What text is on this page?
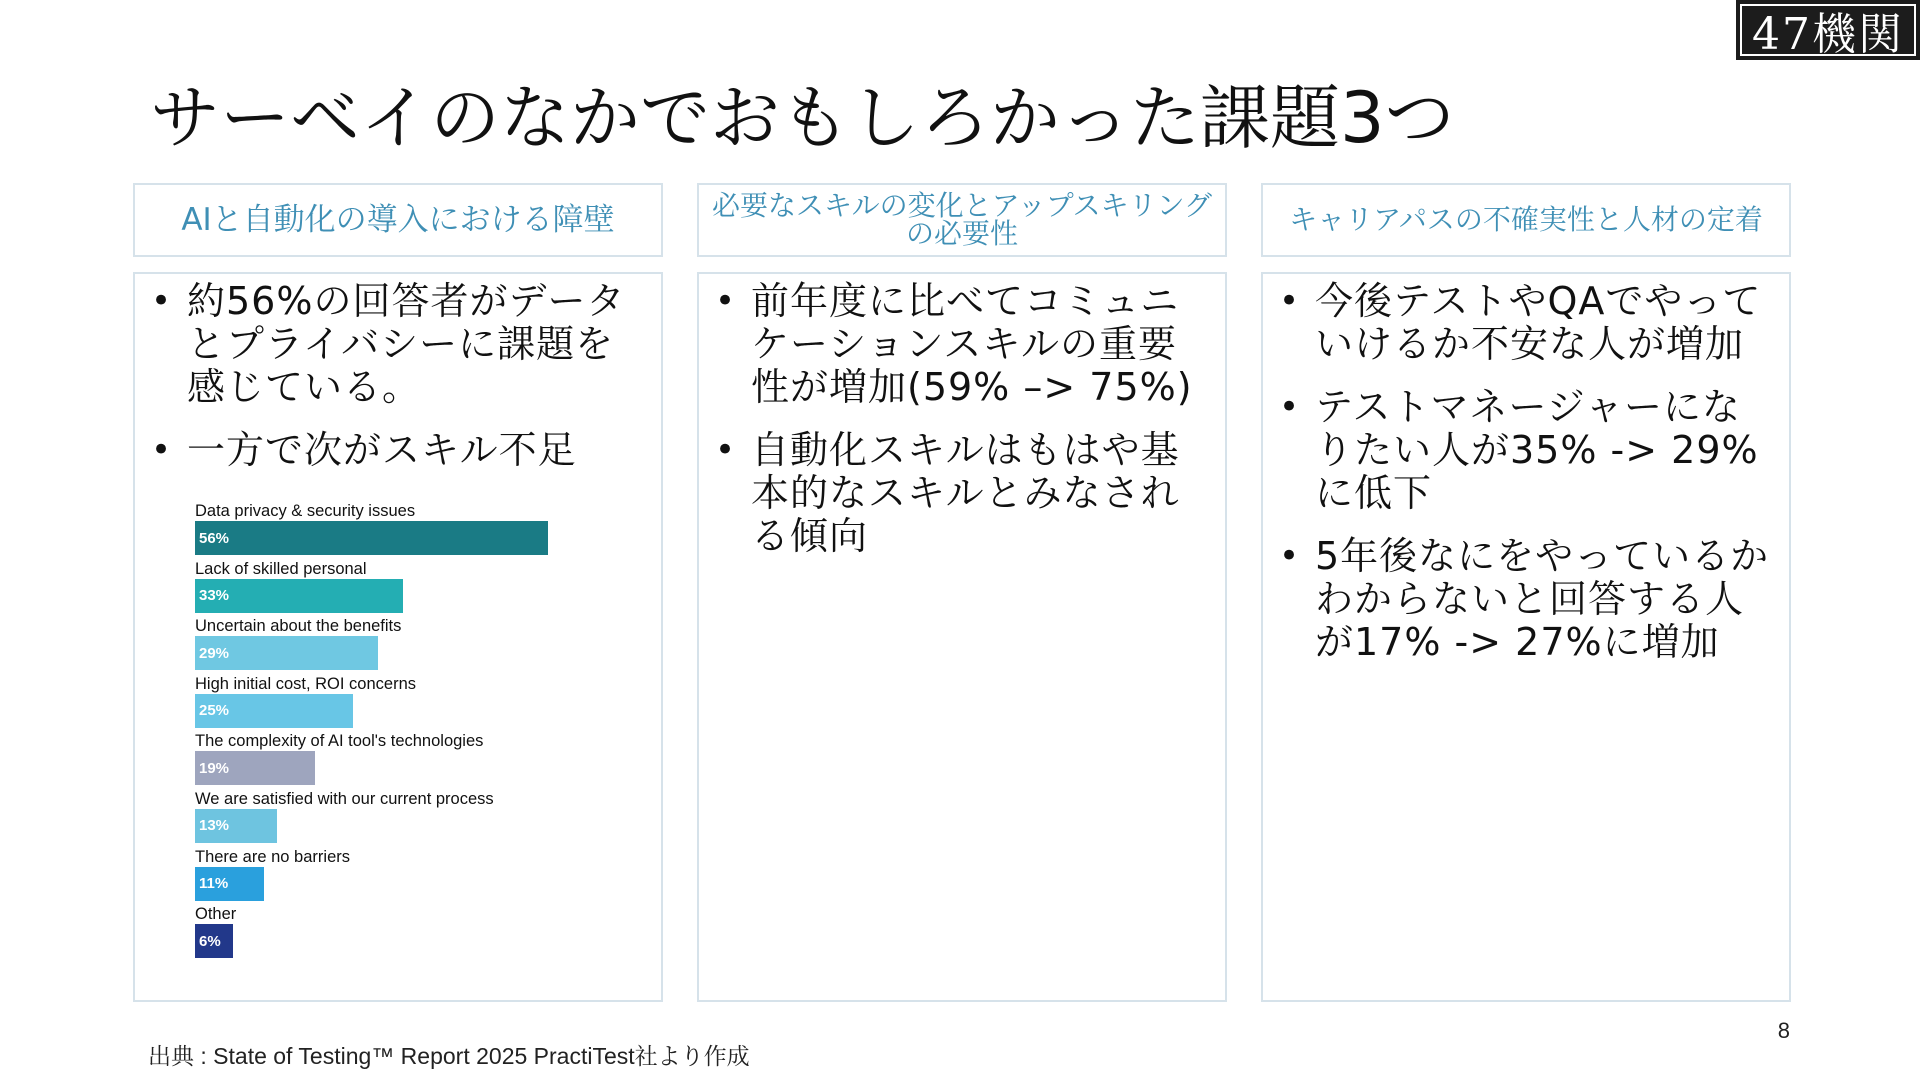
47機関
サーベイのなかでおもしろかった課題3つ
AIと自動化の導入における障壁
• 約56%の回答者がデータとプライバシーに課題を感じている。
• 一方で次がスキル不足
Data privacy & security issues
56%
Lack of skilled personal
33%
Uncertain about the benefits
29%
High initial cost, ROI concerns
25%
The complexity of AI tool's technologies
19%
We are satisfied with our current process
13%
There are no barriers
11%
Other
6%
必要なスキルの変化とアップスキリングの必要性
• 前年度に比べてコミュニケーションスキルの重要性が増加(59% –> 75%)
• 自動化スキルはもはや基本的なスキルとみなされる傾向
キャリアパスの不確実性と人材の定着
• 今後テストやQAでやっていけるか不安な人が増加
• テストマネージャーになりたい人が35% -> 29%に低下
• 5年後なにをやっているかわからないと回答する人が17% -> 27%に増加
出典 : State of Testing™ Report 2025 PractiTest社より作成
8
